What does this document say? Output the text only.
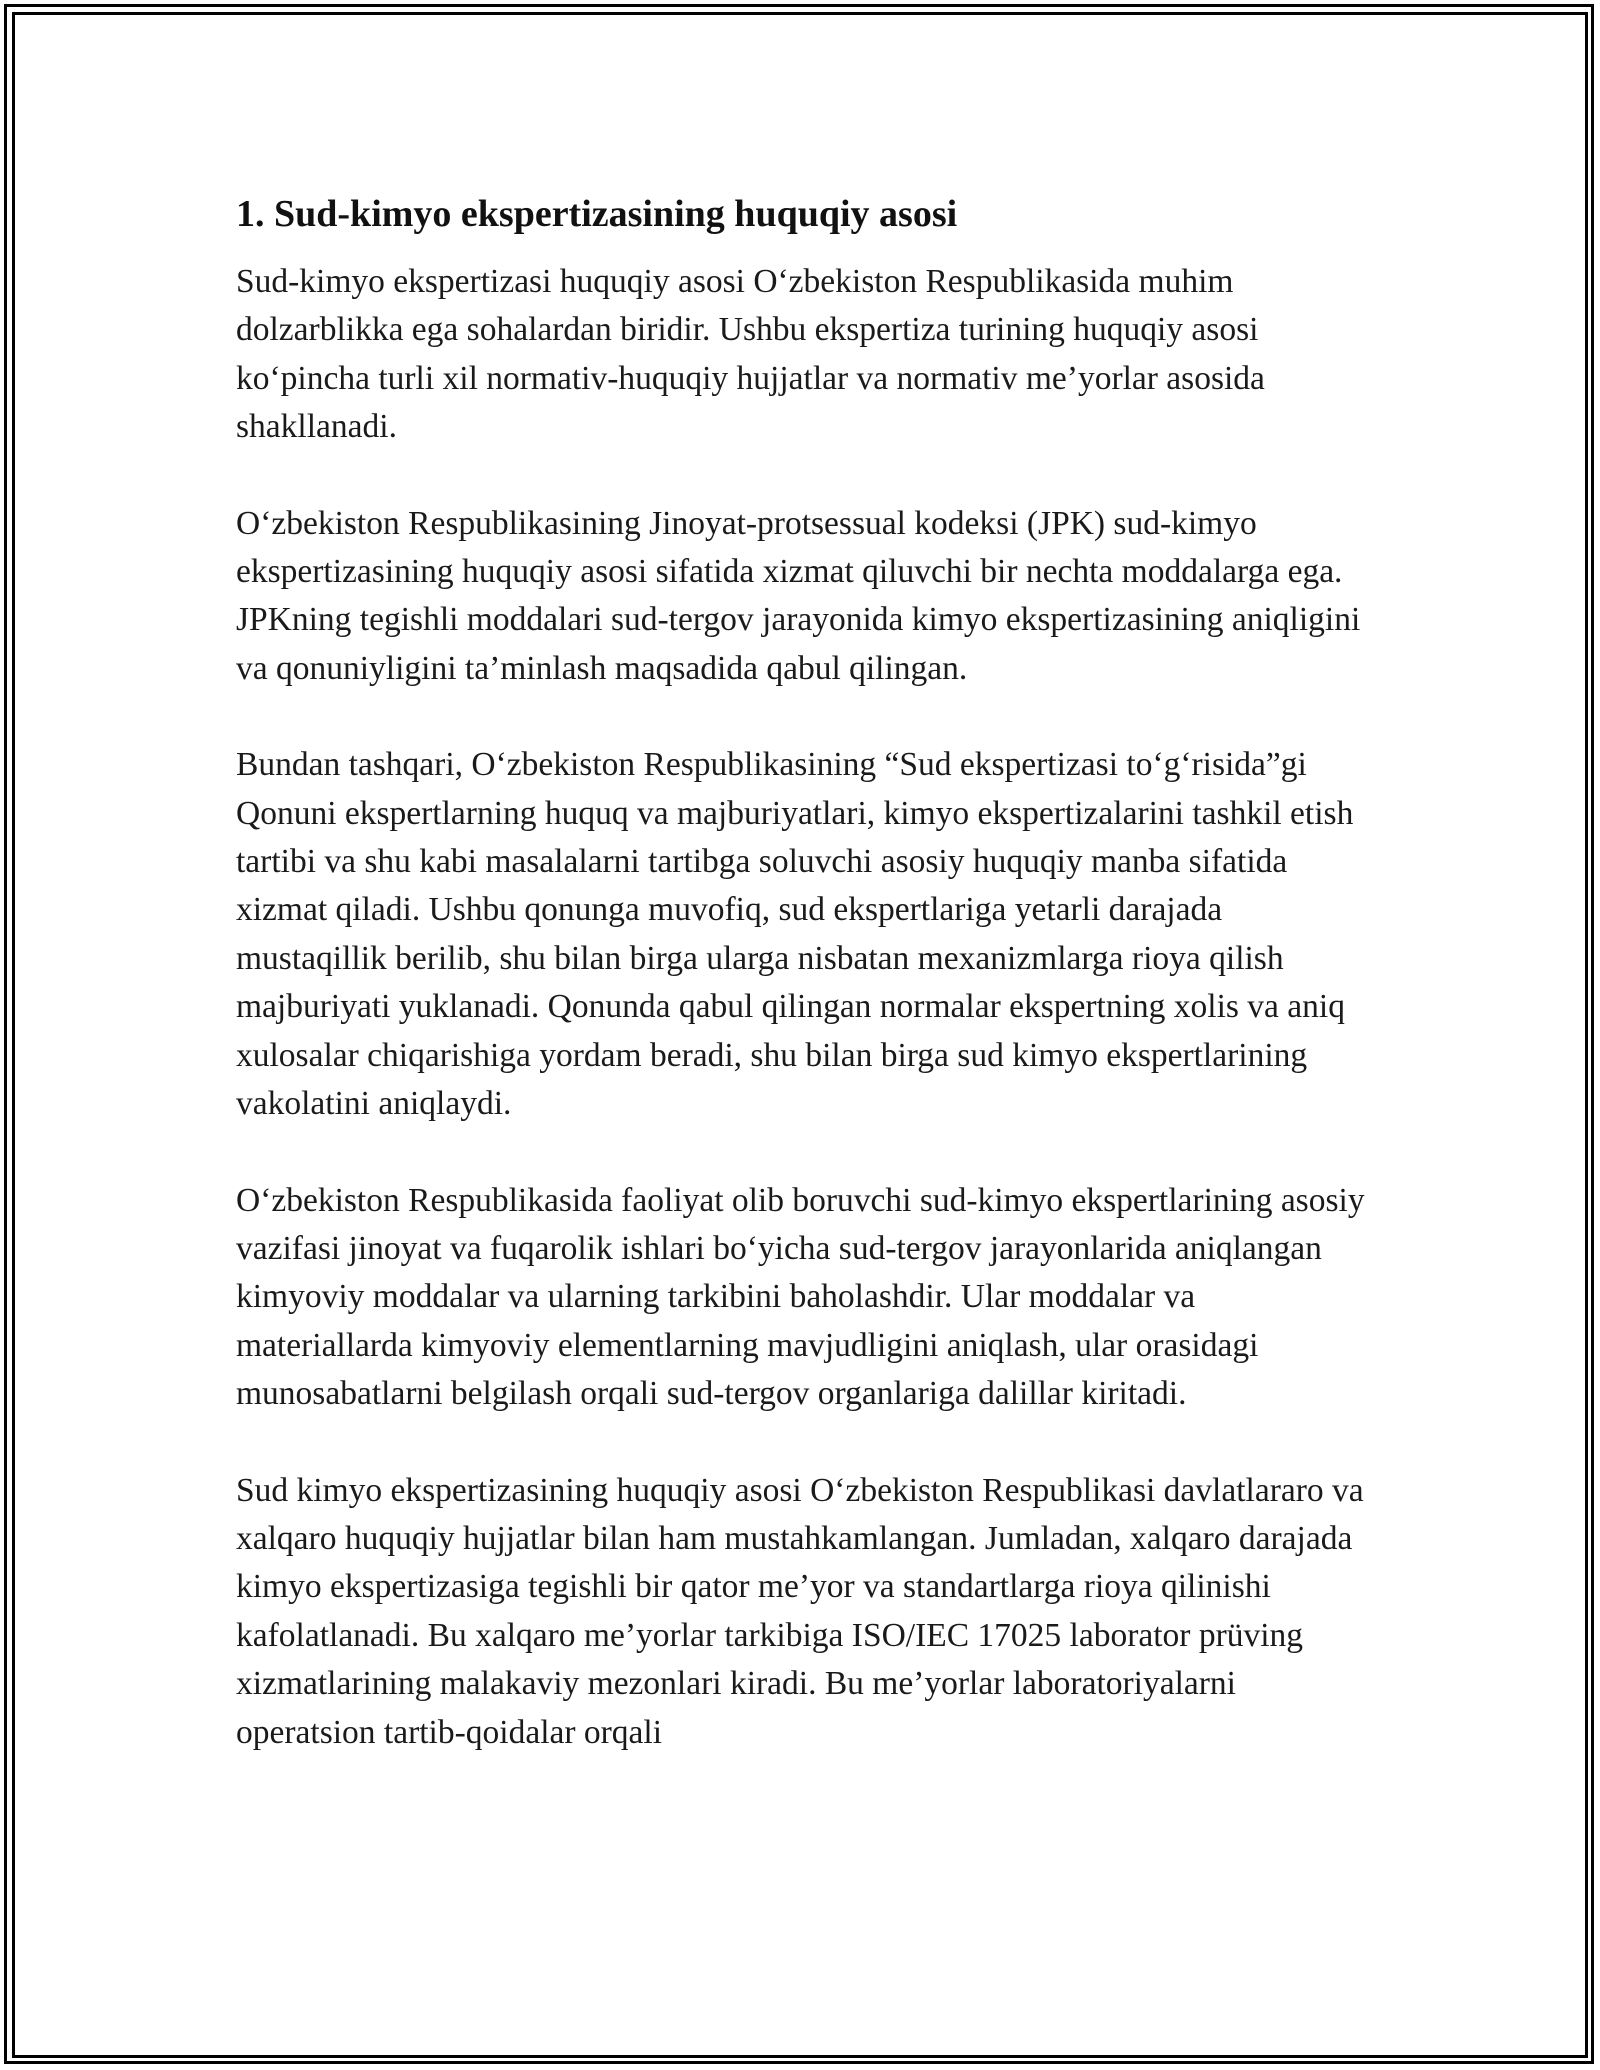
1. Sud-kimyo ekspertizasining huquqiy asosi

Sud-kimyo ekspertizasi huquqiy asosi O‘zbekiston Respublikasida muhim dolzarblikka ega sohalardan biridir. Ushbu ekspertiza turining huquqiy asosi ko‘pincha turli xil normativ-huquqiy hujjatlar va normativ me’yorlar asosida shakllanadi.

O‘zbekiston Respublikasining Jinoyat-protsessual kodeksi (JPK) sud-kimyo ekspertizasining huquqiy asosi sifatida xizmat qiluvchi bir nechta moddalarga ega. JPKning tegishli moddalari sud-tergov jarayonida kimyo ekspertizasining aniqligini va qonuniyligini ta’minlash maqsadida qabul qilingan.

Bundan tashqari, O‘zbekiston Respublikasining “Sud ekspertizasi to‘g‘risida”gi Qonuni ekspertlarning huquq va majburiyatlari, kimyo ekspertizalarini tashkil etish tartibi va shu kabi masalalarni tartibga soluvchi asosiy huquqiy manba sifatida xizmat qiladi. Ushbu qonunga muvofiq, sud ekspertlariga yetarli darajada mustaqillik berilib, shu bilan birga ularga nisbatan mexanizmlarga rioya qilish majburiyati yuklanadi. Qonunda qabul qilingan normalar ekspertning xolis va aniq xulosalar chiqarishiga yordam beradi, shu bilan birga sud kimyo ekspertlarining vakolatini aniqlaydi.

O‘zbekiston Respublikasida faoliyat olib boruvchi sud-kimyo ekspertlarining asosiy vazifasi jinoyat va fuqarolik ishlari bo‘yicha sud-tergov jarayonlarida aniqlangan kimyoviy moddalar va ularning tarkibini baholashdir. Ular moddalar va materiallarda kimyoviy elementlarning mavjudligini aniqlash, ular orasidagi munosabatlarni belgilash orqali sud-tergov organlariga dalillar kiritadi.

Sud kimyo ekspertizasining huquqiy asosi O‘zbekiston Respublikasi davlatlararo va xalqaro huquqiy hujjatlar bilan ham mustahkamlangan. Jumladan, xalqaro darajada kimyo ekspertizasiga tegishli bir qator me’yor va standartlarga rioya qilinishi kafolatlanadi. Bu xalqaro me’yorlar tarkibiga ISO/IEC 17025 laborator prüving xizmatlarining malakaviy mezonlari kiradi. Bu me’yorlar laboratoriyalarni operatsion tartib-qoidalar orqali
